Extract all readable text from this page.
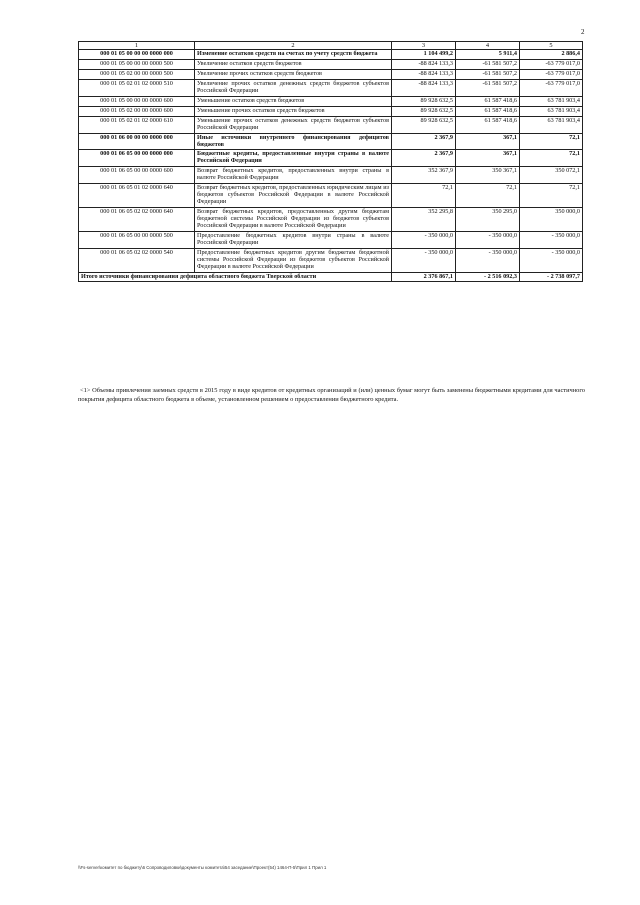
2
1	2	3	4	5
000 01 05 00 00 00 0000 000	Изменение остатков средств на счетах по учету средств бюджета	1 104 499,2	5 911,4	2 886,4
000 01 05 00 00 00 0000 500	Увеличение остатков средств бюджетов	-88 824 133,3	-61 581 507,2	-63 779 017,0
000 01 05 02 00 00 0000 500	Увеличение прочих остатков средств бюджетов	-88 824 133,3	-61 581 507,2	-63 779 017,0
000 01 05 02 01 02 0000 510	Увеличение прочих остатков денежных средств бюджетов субъектов Российской Федерации	-88 824 133,3	-61 581 507,2	-63 779 017,0
000 01 05 00 00 00 0000 600	Уменьшение остатков средств бюджетов	89 928 632,5	61 587 418,6	63 781 903,4
000 01 05 02 00 00 0000 600	Уменьшение прочих остатков средств бюджетов	89 928 632,5	61 587 418,6	63 781 903,4
000 01 05 02 01 02 0000 610	Уменьшение прочих остатков денежных средств бюджетов субъектов Российской Федерации	89 928 632,5	61 587 418,6	63 781 903,4
000 01 06 00 00 00 0000 000	Иные источники внутреннего финансирования дефицитов бюджетов	2 367,9	367,1	72,1
000 01 06 05 00 00 0000 000	Бюджетные кредиты, предоставленные внутри страны в валюте Российской Федерации	2 367,9	367,1	72,1
000 01 06 05 00 00 0000 600	Возврат бюджетных кредитов, предоставленных внутри страны в валюте Российской Федерации	352 367,9	350 367,1	350 072,1
000 01 06 05 01 02 0000 640	Возврат бюджетных кредитов, предоставленных юридическим лицам из бюджетов субъектов Российской Федерации в валюте Российской Федерации	72,1	72,1	72,1
000 01 06 05 02 02 0000 640	Возврат бюджетных кредитов, предоставленных другим бюджетам бюджетной системы Российской Федерации из бюджетов субъектов Российской Федерации в валюте Российской Федерации	352 295,8	350 295,0	350 000,0
000 01 06 05 00 00 0000 500	Предоставление бюджетных кредитов внутри страны в валюте Российской Федерации	- 350 000,0	- 350 000,0	- 350 000,0
000 01 06 05 02 02 0000 540	Предоставление бюджетных кредитов другим бюджетам бюджетной системы Российской Федерации из бюджетов субъектов Российской Федерации в валюте Российской Федерации	- 350 000,0	- 350 000,0	- 350 000,0
Итого источники финансирования дефицита областного бюджета Тверской области		2 376 867,1	- 2 516 092,3	- 2 738 097,7
<1> Объемы привлечения заемных средств в 2015 году в виде кредитов от кредитных организаций и (или) ценных бумаг могут быть заменены бюджетными кредитами для частичного покрытия дефицита областного бюджета в объеме, установленном решением о предоставлении бюджетного кредита.
\\Fs-server\комитет по бюджету\6 Сопроводиловки\документы комитета\54 заседание\Проект(54) 1464-П-5\Прил 1 Прил 1
